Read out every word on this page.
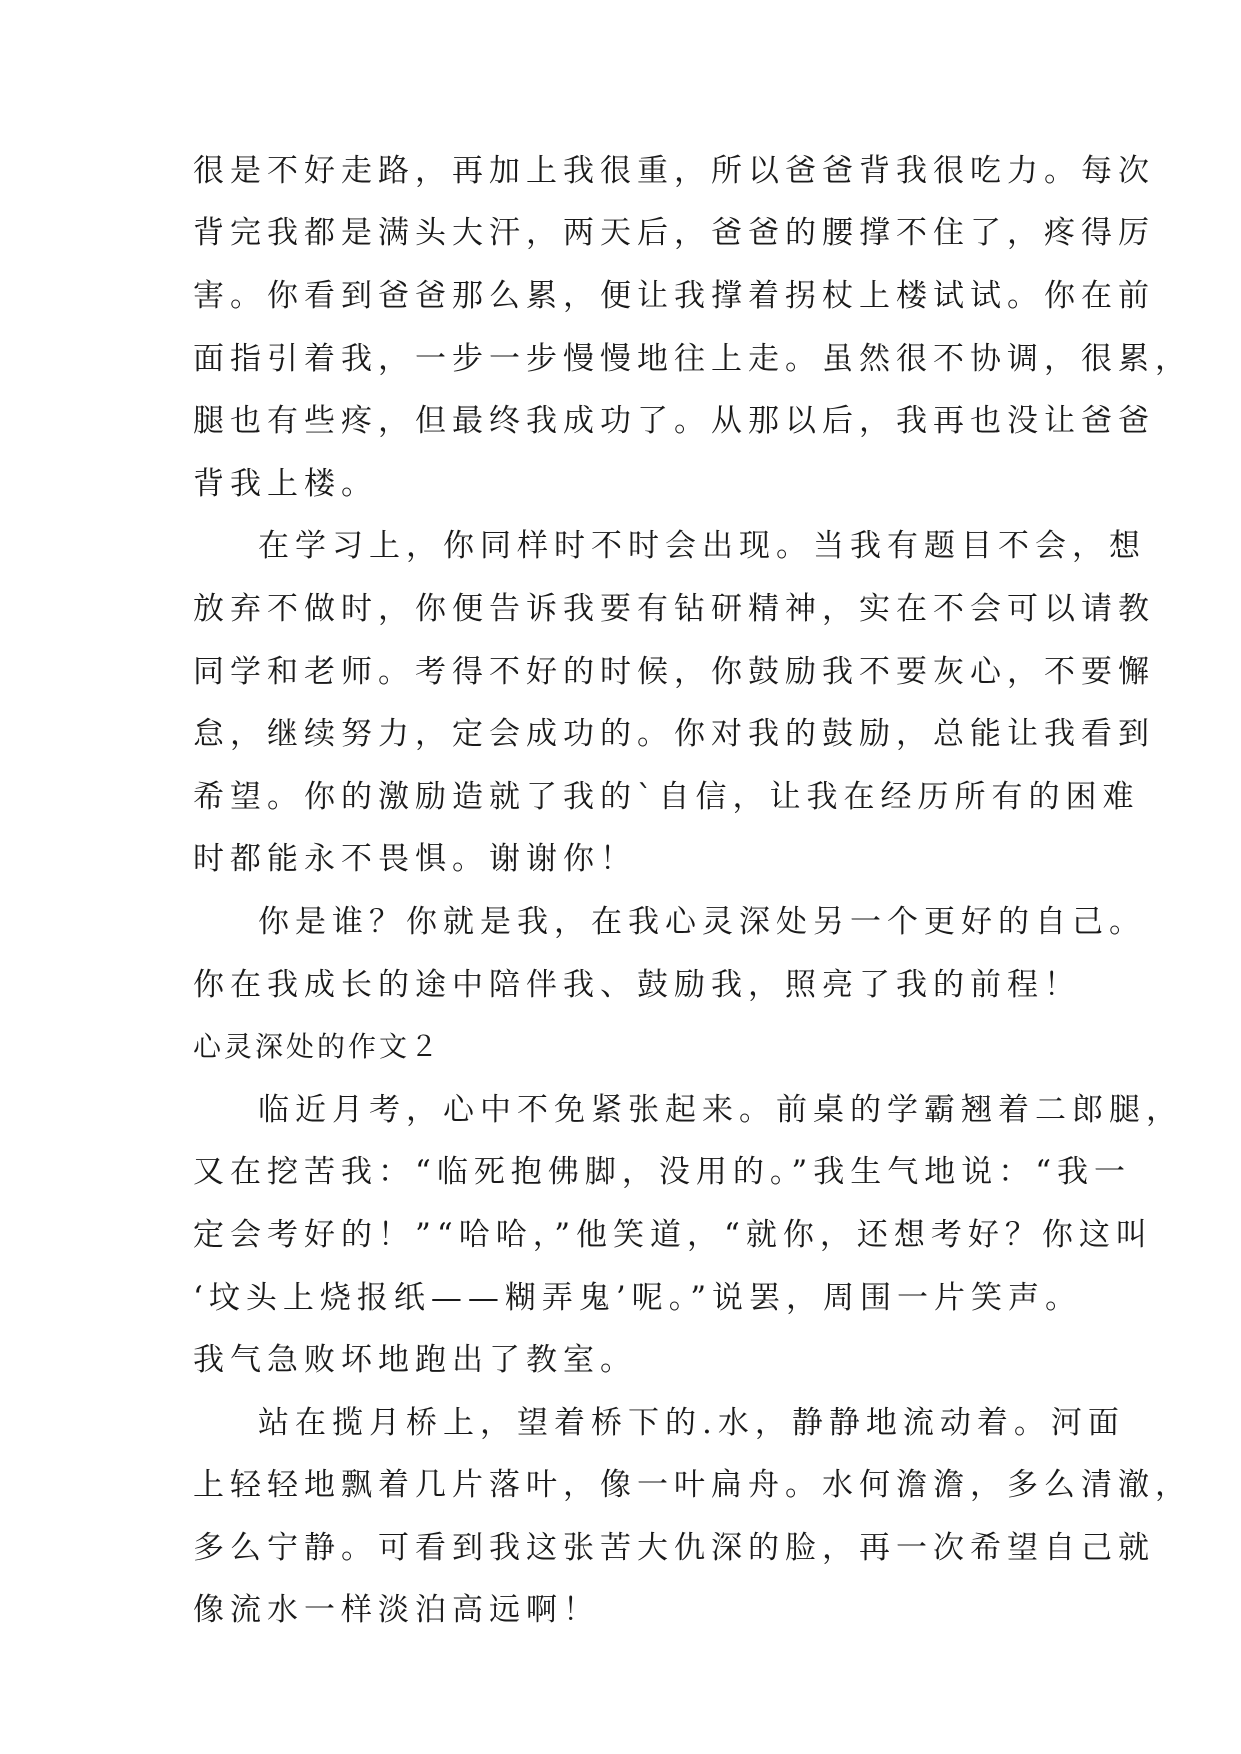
很是不好走路，再加上我很重，所以爸爸背我很吃力。每次
背完我都是满头大汗，两天后，爸爸的腰撑不住了，疼得厉
害。你看到爸爸那么累，便让我撑着拐杖上楼试试。你在前
面指引着我，一步一步慢慢地往上走。虽然很不协调，很累，
腿也有些疼，但最终我成功了。从那以后，我再也没让爸爸
背我上楼。
在学习上，你同样时不时会出现。当我有题目不会，想
放弃不做时，你便告诉我要有钻研精神，实在不会可以请教
同学和老师。考得不好的时候，你鼓励我不要灰心，不要懈
怠，继续努力，定会成功的。你对我的鼓励，总能让我看到
希望。你的激励造就了我的`自信，让我在经历所有的困难
时都能永不畏惧。谢谢你！
你是谁？你就是我，在我心灵深处另一个更好的自己。
你在我成长的途中陪伴我、鼓励我，照亮了我的前程！
心灵深处的作文２
临近月考，心中不免紧张起来。前桌的学霸翘着二郎腿，
又在挖苦我：“临死抱佛脚，没用的。”我生气地说：“我一
定会考好的！”“哈哈，”他笑道，“就你，还想考好？你这叫
‘坟头上烧报纸——糊弄鬼’呢。”说罢，周围一片笑声。
我气急败坏地跑出了教室。
站在揽月桥上，望着桥下的.水，静静地流动着。河面
上轻轻地飘着几片落叶，像一叶扁舟。水何澹澹，多么清澈，
多么宁静。可看到我这张苦大仇深的脸，再一次希望自己就
像流水一样淡泊高远啊！
